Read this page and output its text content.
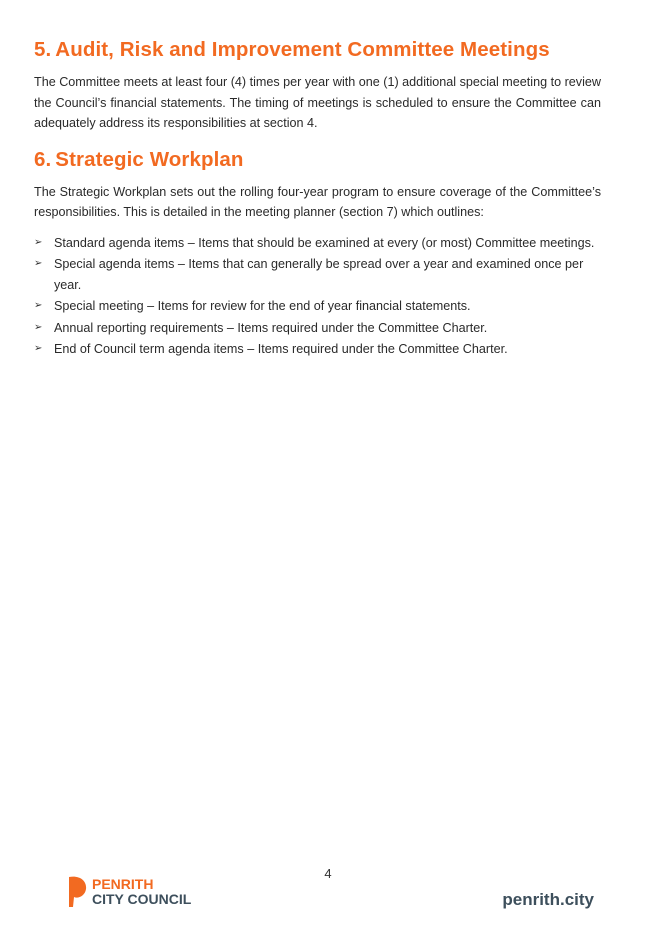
5. Audit, Risk and Improvement Committee Meetings

The Committee meets at least four (4) times per year with one (1) additional special meeting to review the Council’s financial statements. The timing of meetings is scheduled to ensure the Committee can adequately address its responsibilities at section 4.

6. Strategic Workplan

The Strategic Workplan sets out the rolling four-year program to ensure coverage of the Committee’s responsibilities. This is detailed in the meeting planner (section 7) which outlines:

➢ Standard agenda items – Items that should be examined at every (or most) Committee meetings.
➢ Special agenda items – Items that can generally be spread over a year and examined once per year.
➢ Special meeting – Items for review for the end of year financial statements.
➢ Annual reporting requirements – Items required under the Committee Charter.
➢ End of Council term agenda items – Items required under the Committee Charter.
4
PENRITH
CITY COUNCIL	penrith.city
